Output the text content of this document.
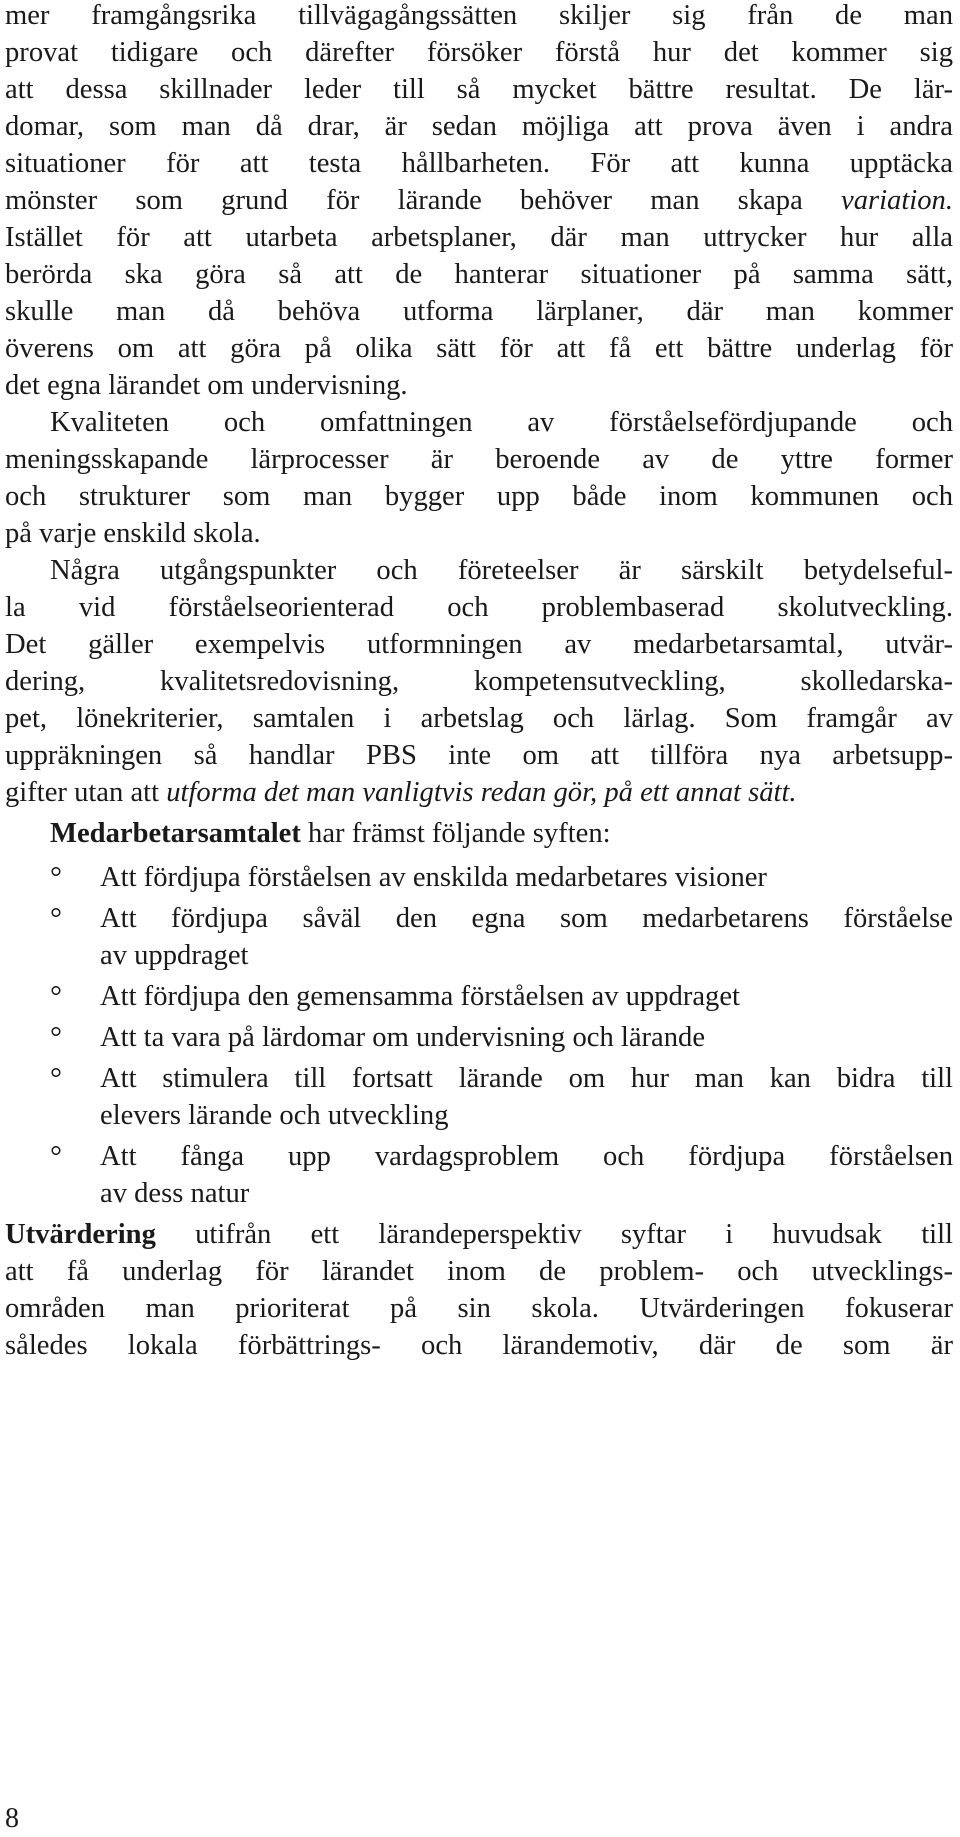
mer framgångsrika tillvägagångssätten skiljer sig från de man
provat tidigare och därefter försöker förstå hur det kommer sig
att dessa skillnader leder till så mycket bättre resultat. De lär-
domar, som man då drar, är sedan möjliga att prova även i andra
situationer för att testa hållbarheten. För att kunna upptäcka
mönster som grund för lärande behöver man skapa variation.
Istället för att utarbeta arbetsplaner, där man uttrycker hur alla
berörda ska göra så att de hanterar situationer på samma sätt,
skulle man då behöva utforma lärplaner, där man kommer
överens om att göra på olika sätt för att få ett bättre underlag för
det egna lärandet om undervisning.
Kvaliteten och omfattningen av förståelsefördjupande och
meningsskapande lärprocesser är beroende av de yttre former
och strukturer som man bygger upp både inom kommunen och
på varje enskild skola.
Några utgångspunkter och företeelser är särskilt betydelseful-
la vid förståelseorienterad och problembaserad skolutveckling.
Det gäller exempelvis utformningen av medarbetarsamtal, utvär-
dering, kvalitetsredovisning, kompetensutveckling, skolledarska-
pet, lönekriterier, samtalen i arbetslag och lärlag. Som framgår av
uppräkningen så handlar PBS inte om att tillföra nya arbetsupp-
gifter utan att utforma det man vanligtvis redan gör, på ett annat sätt.
Medarbetarsamtalet har främst följande syften:
° Att fördjupa förståelsen av enskilda medarbetares visioner
° Att fördjupa såväl den egna som medarbetarens förståelse
av uppdraget
° Att fördjupa den gemensamma förståelsen av uppdraget
° Att ta vara på lärdomar om undervisning och lärande
° Att stimulera till fortsatt lärande om hur man kan bidra till
elevers lärande och utveckling
° Att fånga upp vardagsproblem och fördjupa förståelsen
av dess natur
Utvärdering utifrån ett lärandeperspektiv syftar i huvudsak till
att få underlag för lärandet inom de problem- och utvecklings-
områden man prioriterat på sin skola. Utvärderingen fokuserar
således lokala förbättrings- och lärandemotiv, där de som är
8
